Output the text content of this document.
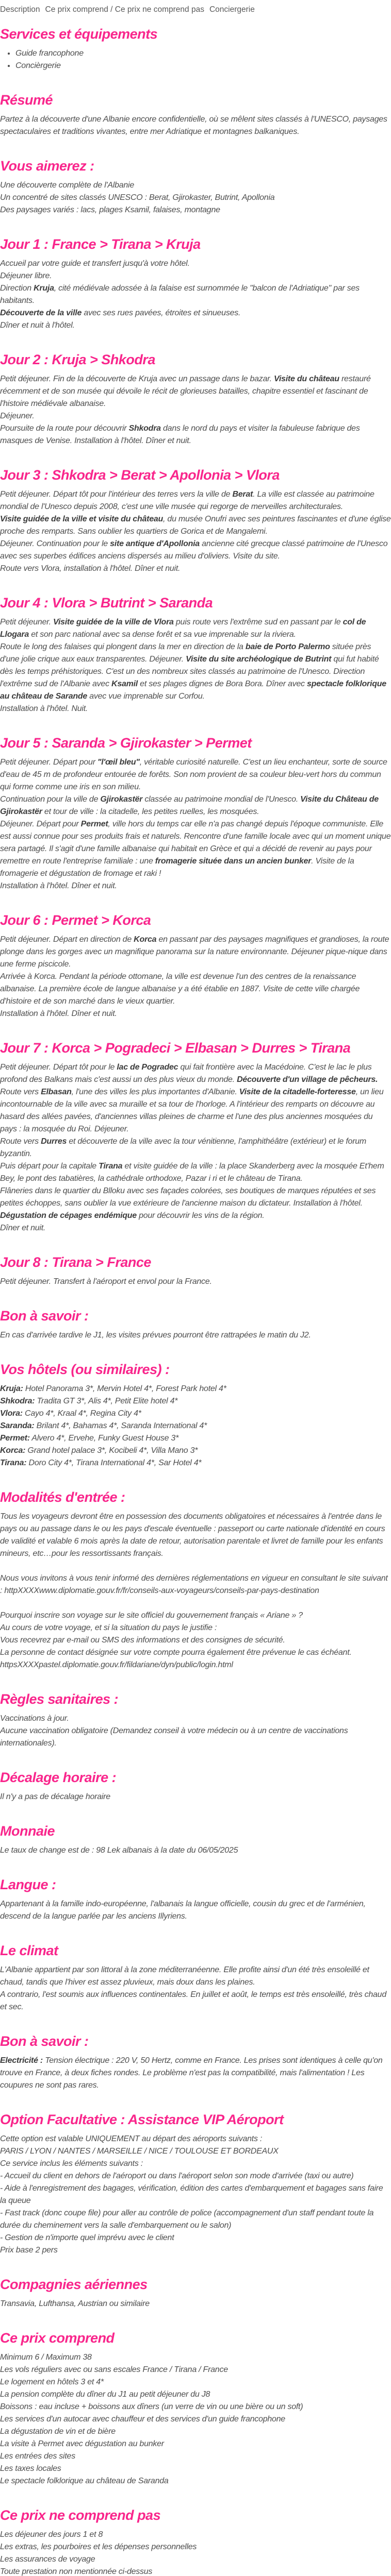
Description Ce prix comprend / Ce prix ne comprend pas Conciergerie
Services et équipements
• Guide francophone
• Concièrgerie
Résumé

Partez à la découverte d'une Albanie encore confidentielle, où se mêlent sites classés à l'UNESCO, paysages spectaculaires et traditions vivantes, entre mer Adriatique et montagnes balkaniques.

Vous aimerez :

Une découverte complète de l'Albanie

Un concentré de sites classés UNESCO : Berat, Gjirokaster, Butrint, Apollonia

Des paysages variés : lacs, plages Ksamil, falaises, montagne

Jour 1 : France > Tirana > Kruja

Accueil par votre guide et transfert jusqu'à votre hôtel.

Déjeuner libre.

Direction Kruja, cité médiévale adossée à la falaise est surnommée le "balcon de l'Adriatique" par ses habitants.

Découverte de la ville avec ses rues pavées, étroites et sinueuses.

Dîner et nuit à l'hôtel.

Jour 2 : Kruja > Shkodra

Petit déjeuner. Fin de la découverte de Kruja avec un passage dans le bazar. Visite du château restauré récemment et de son musée qui dévoile le récit de glorieuses batailles, chapitre essentiel et fascinant de l'histoire médiévale albanaise.

Déjeuner.

Poursuite de la route pour découvrir Shkodra dans le nord du pays et visiter la fabuleuse fabrique des masques de Venise. Installation à l'hôtel. Dîner et nuit.

Jour 3 : Shkodra > Berat > Apollonia > Vlora

Petit déjeuner. Départ tôt pour l'intérieur des terres vers la ville de Berat. La ville est classée au patrimoine mondial de l'Unesco depuis 2008, c'est une ville musée qui regorge de merveilles architecturales.

Visite guidée de la ville et visite du château, du musée Onufri avec ses peintures fascinantes et d'une église proche des remparts. Sans oublier les quartiers de Gorica et de Mangalemi.

Déjeuner. Continuation pour le site antique d'Apollonia ancienne cité grecque classé patrimoine de l'Unesco avec ses superbes édifices anciens dispersés au milieu d'oliviers. Visite du site.

Route vers Vlora, installation à l'hôtel. Dîner et nuit.

Jour 4 : Vlora > Butrint > Saranda

Petit déjeuner. Visite guidée de la ville de Vlora puis route vers l'extrême sud en passant par le col de Llogara et son parc national avec sa dense forêt et sa vue imprenable sur la riviera.

Route le long des falaises qui plongent dans la mer en direction de la baie de Porto Palermo située près d'une jolie crique aux eaux transparentes. Déjeuner. Visite du site archéologique de Butrint qui fut habité dès les temps préhistoriques. C'est un des nombreux sites classés au patrimoine de l'Unesco. Direction l'extrême sud de l'Albanie avec Ksamil et ses plages dignes de Bora Bora. Dîner avec spectacle folklorique au château de Sarande avec vue imprenable sur Corfou.

Installation à l'hôtel. Nuit.

Jour 5 : Saranda > Gjirokaster > Permet

Petit déjeuner. Départ pour "l'œil bleu", véritable curiosité naturelle. C'est un lieu enchanteur, sorte de source d'eau de 45 m de profondeur entourée de forêts. Son nom provient de sa couleur bleu-vert hors du commun qui forme comme une iris en son milieu.

Continuation pour la ville de Gjirokastër classée au patrimoine mondial de l'Unesco. Visite du Château de Gjirokastër et tour de ville : la citadelle, les petites ruelles, les mosquées.

Déjeuner. Départ pour Permet, ville hors du temps car elle n'a pas changé depuis l'époque communiste. Elle est aussi connue pour ses produits frais et naturels. Rencontre d'une famille locale avec qui un moment unique sera partagé. Il s'agit d'une famille albanaise qui habitait en Grèce et qui a décidé de revenir au pays pour remettre en route l'entreprise familiale : une fromagerie située dans un ancien bunker. Visite de la fromagerie et dégustation de fromage et raki !

Installation à l'hôtel. Dîner et nuit.

Jour 6 : Permet > Korca

Petit déjeuner. Départ en direction de Korca en passant par des paysages magnifiques et grandioses, la route plonge dans les gorges avec un magnifique panorama sur la nature environnante. Déjeuner pique-nique dans une ferme piscicole.

Arrivée à Korca. Pendant la période ottomane, la ville est devenue l'un des centres de la renaissance albanaise. La première école de langue albanaise y a été établie en 1887. Visite de cette ville chargée d'histoire et de son marché dans le vieux quartier.

Installation à l'hôtel. Dîner et nuit.

Jour 7 : Korca > Pogradeci > Elbasan > Durres > Tirana

Petit déjeuner. Départ tôt pour le lac de Pogradec qui fait frontière avec la Macédoine. C'est le lac le plus profond des Balkans mais c'est aussi un des plus vieux du monde. Découverte d'un village de pêcheurs.

Route vers Elbasan, l'une des villes les plus importantes d'Albanie. Visite de la citadelle-forteresse, un lieu incontournable de la ville avec sa muraille et sa tour de l'horloge. A l'intérieur des remparts on découvre au hasard des allées pavées, d'anciennes villas pleines de charme et l'une des plus anciennes mosquées du pays : la mosquée du Roi. Déjeuner.

Route vers Durres et découverte de la ville avec la tour vénitienne, l'amphithéâtre (extérieur) et le forum byzantin.

Puis départ pour la capitale Tirana et visite guidée de la ville : la place Skanderberg avec la mosquée Et'hem Bey, le pont des tabatières, la cathédrale orthodoxe, Pazar i ri et le château de Tirana.

Flâneries dans le quartier du Blloku avec ses façades colorées, ses boutiques de marques réputées et ses petites échoppes, sans oublier la vue extérieure de l'ancienne maison du dictateur. Installation à l'hôtel. Dégustation de cépages endémique pour découvrir les vins de la région.

Dîner et nuit.

Jour 8 : Tirana > France

Petit déjeuner. Transfert à l'aéroport et envol pour la France.

Bon à savoir :

En cas d'arrivée tardive le J1, les visites prévues pourront être rattrapées le matin du J2.

Vos hôtels (ou similaires) :

Kruja: Hotel Panorama 3*, Mervin Hotel 4*, Forest Park hotel 4*

Shkodra: Tradita GT 3*, Alis 4*, Petit Elite hotel 4*

Vlora: Cayo 4*, Kraal 4*, Regina City 4*

Saranda: Brilant 4*, Bahamas 4*, Saranda International 4*

Permet: Alvero 4*, Ervehe, Funky Guest House 3*

Korca: Grand hotel palace 3*, Kocibeli 4*, Villa Mano 3*

Tirana: Doro City 4*, Tirana International 4*, Sar Hotel 4*

Modalités d'entrée :

Tous les voyageurs devront être en possession des documents obligatoires et nécessaires à l'entrée dans le pays ou au passage dans le ou les pays d'escale éventuelle : passeport ou carte nationale d'identité en cours de validité et valable 6 mois après la date de retour, autorisation parentale et livret de famille pour les enfants mineurs, etc…pour les ressortissants français.

Nous vous invitons à vous tenir informé des dernières réglementations en vigueur en consultant le site suivant : httpXXXXwww.diplomatie.gouv.fr/fr/conseils-aux-voyageurs/conseils-par-pays-destination

Pourquoi inscrire son voyage sur le site officiel du gouvernement français « Ariane » ?

Au cours de votre voyage, et si la situation du pays le justifie :

Vous recevrez par e-mail ou SMS des informations et des consignes de sécurité.

La personne de contact désignée sur votre compte pourra également être prévenue le cas échéant.

httpsXXXXpastel.diplomatie.gouv.fr/fildariane/dyn/public/login.html

Règles sanitaires :

Vaccinations à jour.

Aucune vaccination obligatoire (Demandez conseil à votre médecin ou à un centre de vaccinations internationales).

Décalage horaire :

Il n'y a pas de décalage horaire

Monnaie

Le taux de change est de : 98 Lek albanais à la date du 06/05/2025

Langue :

Appartenant à la famille indo-européenne, l'albanais la langue officielle, cousin du grec et de l'arménien, descend de la langue parlée par les anciens Illyriens.

Le climat

L'Albanie appartient par son littoral à la zone méditerranéenne. Elle profite ainsi d'un été très ensoleillé et chaud, tandis que l'hiver est assez pluvieux, mais doux dans les plaines.

A contrario, l'est soumis aux influences continentales. En juillet et août, le temps est très ensoleillé, très chaud et sec.

Bon à savoir :

Electricité : Tension électrique : 220 V, 50 Hertz, comme en France. Les prises sont identiques à celle qu'on trouve en France, à deux fiches rondes. Le problème n'est pas la compatibilité, mais l'alimentation ! Les coupures ne sont pas rares.

Option Facultative : Assistance VIP Aéroport

Cette option est valable UNIQUEMENT au départ des aéroports suivants :

PARIS / LYON / NANTES / MARSEILLE / NICE / TOULOUSE ET BORDEAUX

Ce service inclus les éléments suivants :

- Accueil du client en dehors de l'aéroport ou dans l'aéroport selon son mode d'arrivée (taxi ou autre)

- Aide à l'enregistrement des bagages, vérification, édition des cartes d'embarquement et bagages sans faire la queue

- Fast track (donc coupe file) pour aller au contrôle de police (accompagnement d'un staff pendant toute la durée du cheminement vers la salle d'embarquement ou le salon)

- Gestion de n'importe quel imprévu avec le client

Prix base 2 pers

Compagnies aériennes

Transavia, Lufthansa, Austrian ou similaire

Ce prix comprend

Minimum 6 / Maximum 38

Les vols réguliers avec ou sans escales France / Tirana / France

Le logement en hôtels 3 et 4*

La pension complète du dîner du J1 au petit déjeuner du J8

Boissons : eau incluse + boissons aux dîners (un verre de vin ou une bière ou un soft)

Les services d'un autocar avec chauffeur et des services d'un guide francophone

La dégustation de vin et de bière

La visite à Permet avec dégustation au bunker

Les entrées des sites

Les taxes locales

Le spectacle folklorique au château de Saranda

Ce prix ne comprend pas

Les déjeuner des jours 1 et 8

Les extras, les pourboires et les dépenses personnelles

Les assurances de voyage

Toute prestation non mentionnée ci-dessus
